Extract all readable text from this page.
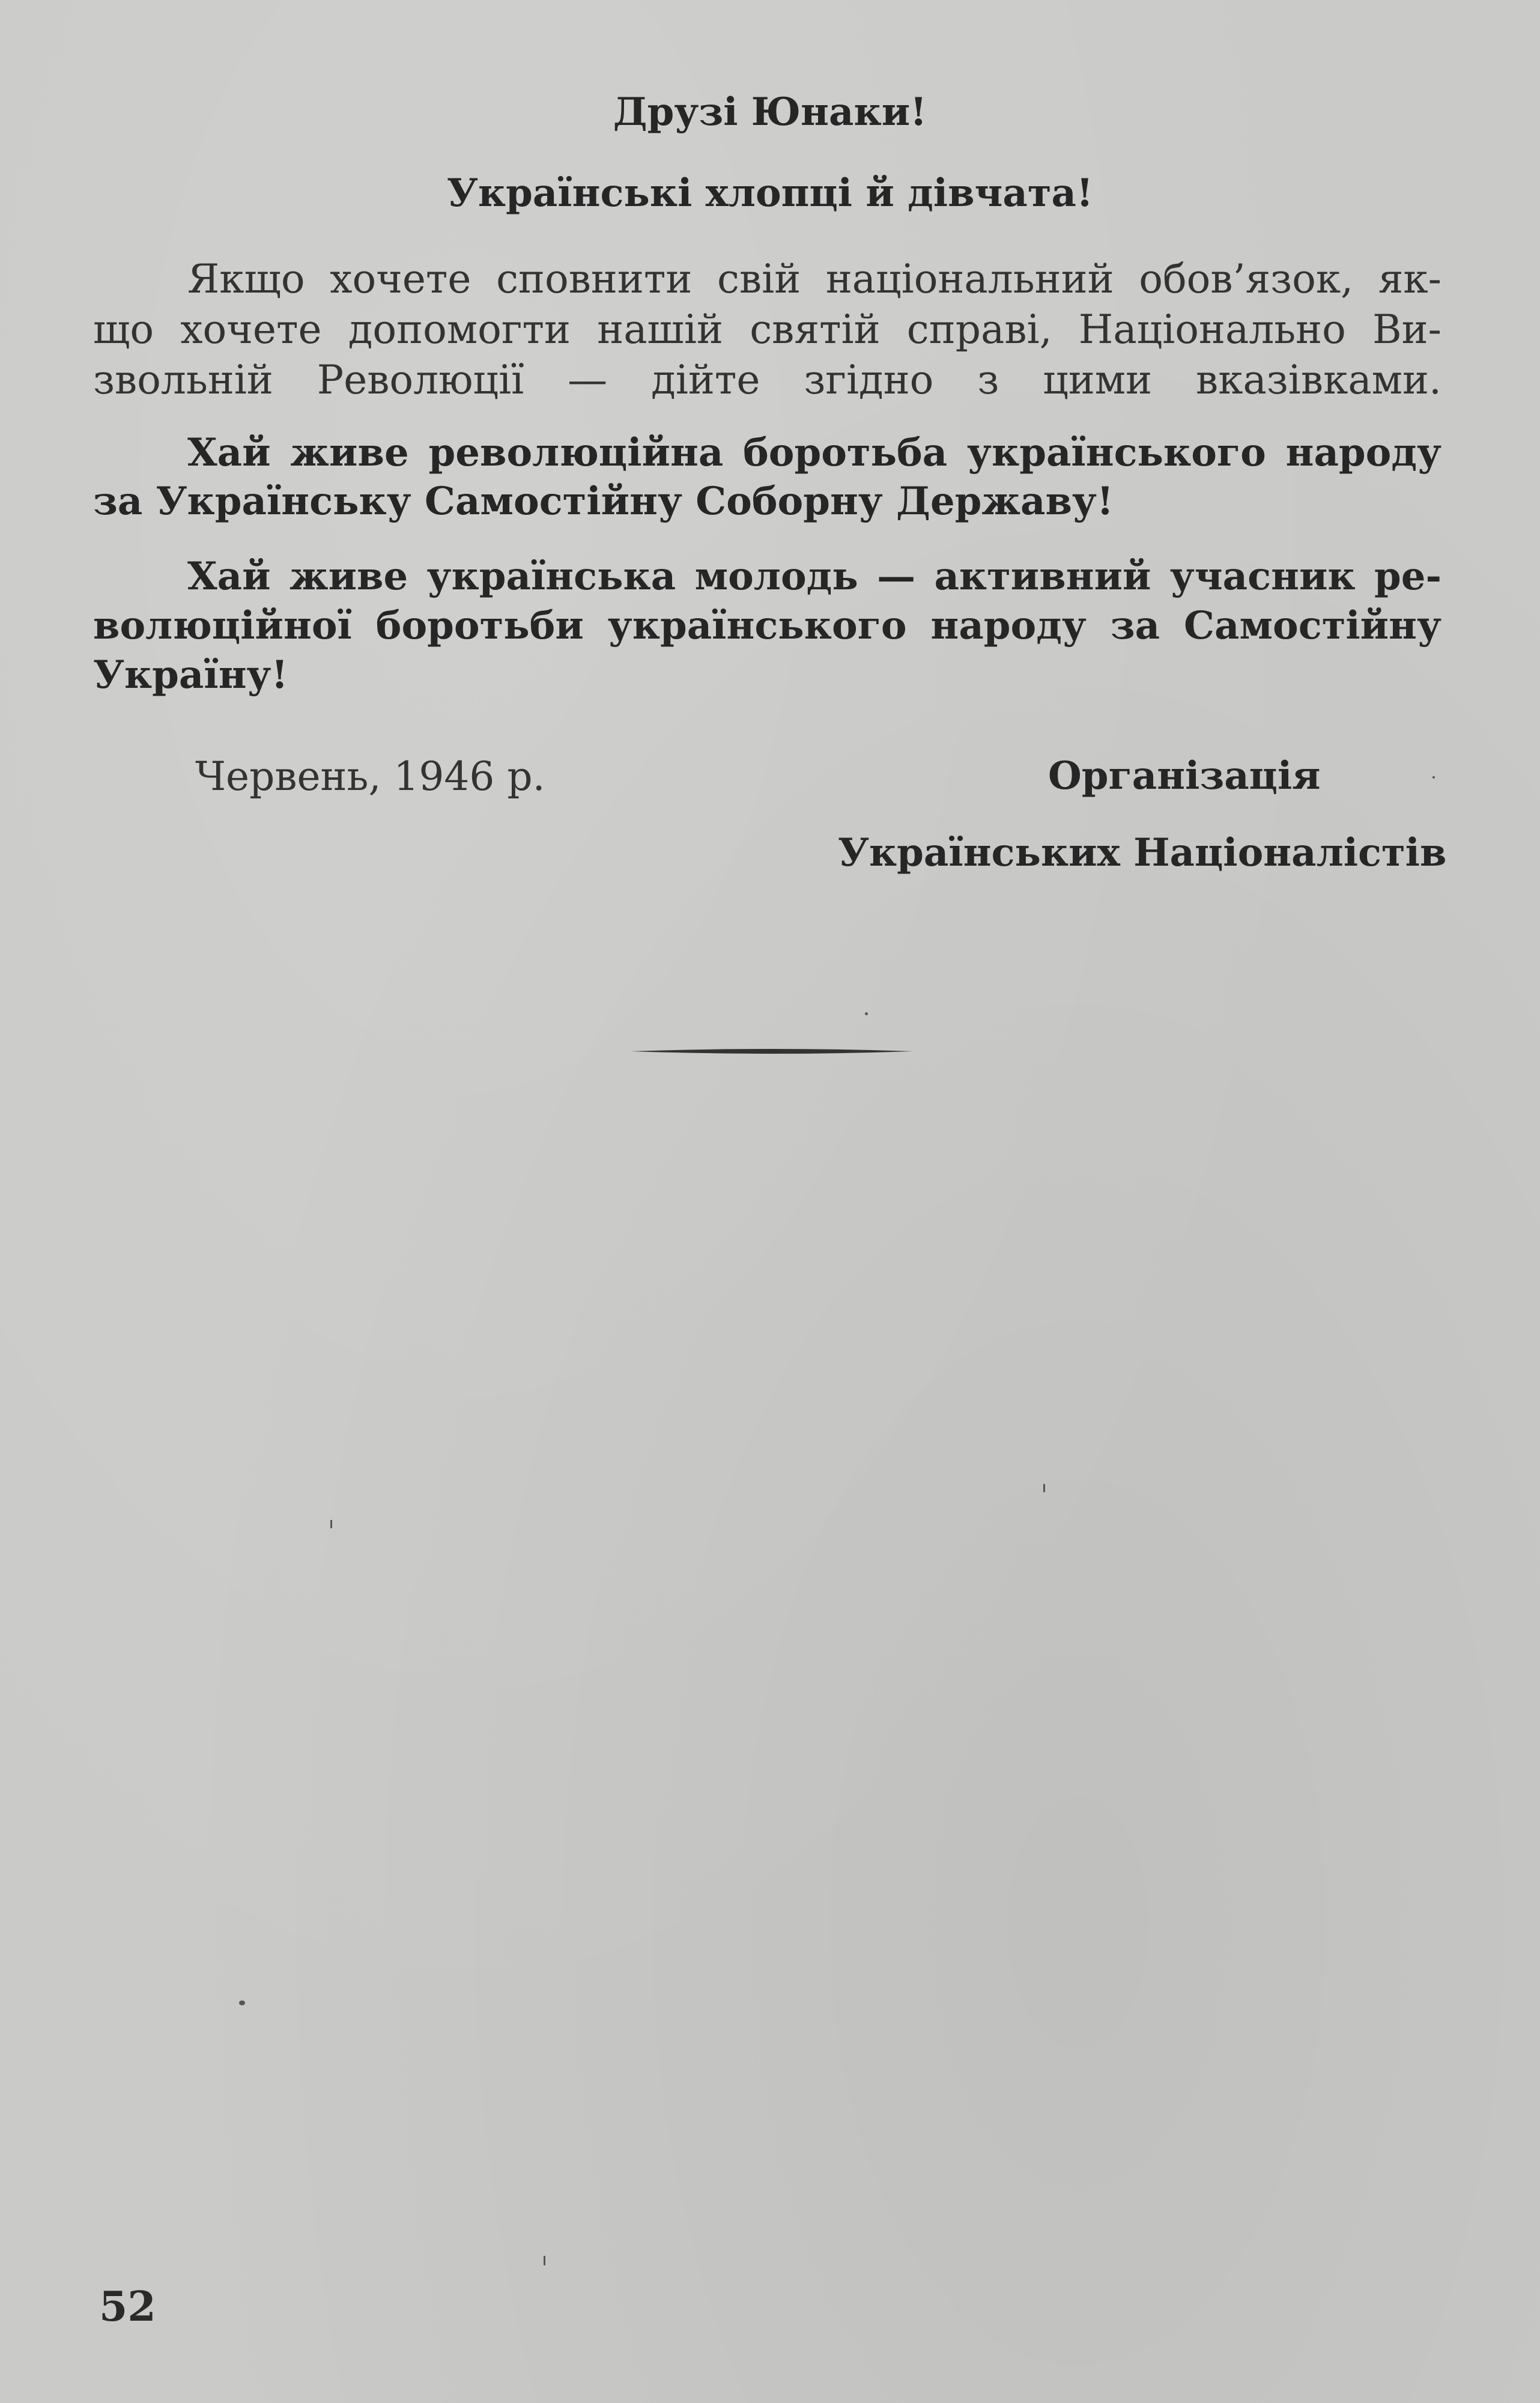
Друзі Юнаки!
Українські хлопці й дівчата!
Якщо хочете сповнити свій національний обов’язок, як-
що хочете допомогти нашій святій справі, Національно Ви-
звольній Революції — дійте згідно з цими вказівками.
Хай живе революційна боротьба українського народу
за Українську Самостійну Соборну Державу!
Хай живе українська молодь — активний учасник ре-
волюційної боротьби українського народу за Самостійну
Україну!
Червень, 1946 р.	Організація
Українських Націоналістів
52
